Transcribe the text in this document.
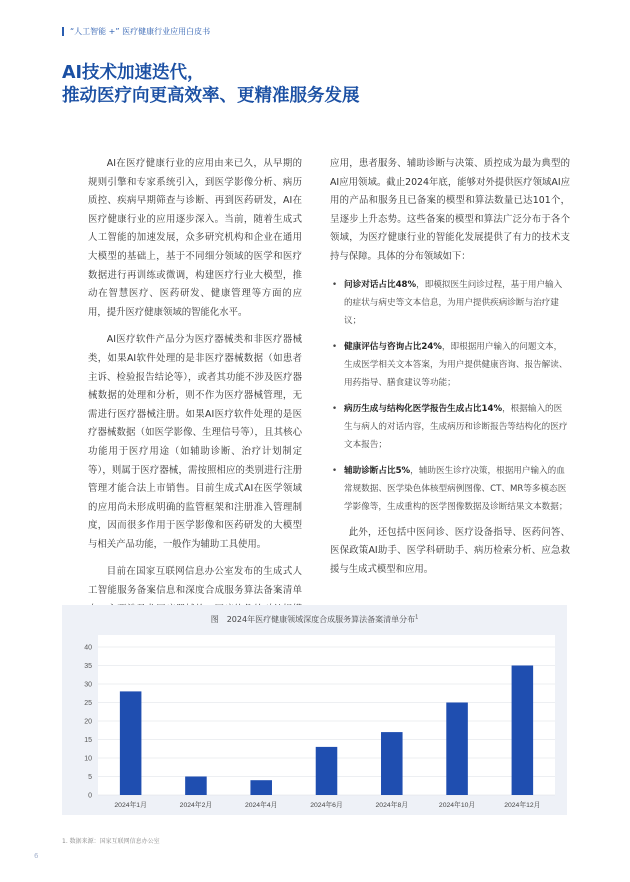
“人工智能 +” 医疗健康行业应用白皮书
AI技术加速迭代，
推动医疗向更高效率、更精准服务发展

AI在医疗健康行业的应用由来已久，从早期的规则引擎和专家系统引入，到医学影像分析、病历质控、疾病早期筛查与诊断、再到医药研发，AI在医疗健康行业的应用逐步深入。当前，随着生成式人工智能的加速发展，众多研究机构和企业在通用大模型的基础上，基于不同细分领域的医学和医疗数据进行再训练或微调，构建医疗行业大模型，推动在智慧医疗、医药研发、健康管理等方面的应用，提升医疗健康领域的智能化水平。

AI医疗软件产品分为医疗器械类和非医疗器械类，如果AI软件处理的是非医疗器械数据（如患者主诉、检验报告结论等），或者其功能不涉及医疗器械数据的处理和分析，则不作为医疗器械管理，无需进行医疗器械注册。如果AI医疗软件处理的是医疗器械数据（如医学影像、生理信号等），且其核心功能用于医疗用途（如辅助诊断、治疗计划制定等），则属于医疗器械，需按照相应的类别进行注册管理才能合法上市销售。目前生成式AI在医学领域的应用尚未形成明确的监管框架和注册准入管理制度，因而很多作用于医学影像和医药研发的大模型与相关产品功能，一般作为辅助工具使用。

目前在国家互联网信息办公室发布的生成式人工智能服务备案信息和深度合成服务算法备案清单

应用，患者服务、辅助诊断与决策、质控成为最为典型的AI应用领域。截止2024年底，能够对外提供医疗领域AI应用的产品和服务且已备案的模型和算法数量已达101个，呈逐步上升态势。这些备案的模型和算法广泛分布于各个领域，为医疗健康行业的智能化发展提供了有力的技术支持与保障。具体的分布领域如下：

• 问诊对话占比48%，即模拟医生问诊过程，基于用户输入的症状与病史等文本信息，为用户提供疾病诊断与治疗建议；
• 健康评估与咨询占比24%，即根据用户输入的问题文本，生成医学相关文本答案，为用户提供健康咨询、报告解读、用药指导、膳食建议等功能；
• 病历生成与结构化医学报告生成占比14%，根据输入的医生与病人的对话内容，生成病历和诊断报告等结构化的医疗文本报告；
• 辅助诊断占比5%，辅助医生诊疗决策，根据用户输入的血常规数据、医学染色体核型病例图像、CT、MR等多模态医学影像等，生成重构的医学图像数据及诊断结果文本数据；

此外，还包括中医问诊、医疗设备指导、医药问答、医保政策AI助手、医学科研助手、病历检索分析、应急救援与生成式模型和应用。

图　2024年医疗健康领域深度合成服务算法备案清单分布$^1$
0
5
10
15
20
25
30
35
40
2024年1月	2024年2月	2024年4月	2024年6月	2024年8月	2024年10月	2024年12月
1. 数据来源：国家互联网信息办公室
6
